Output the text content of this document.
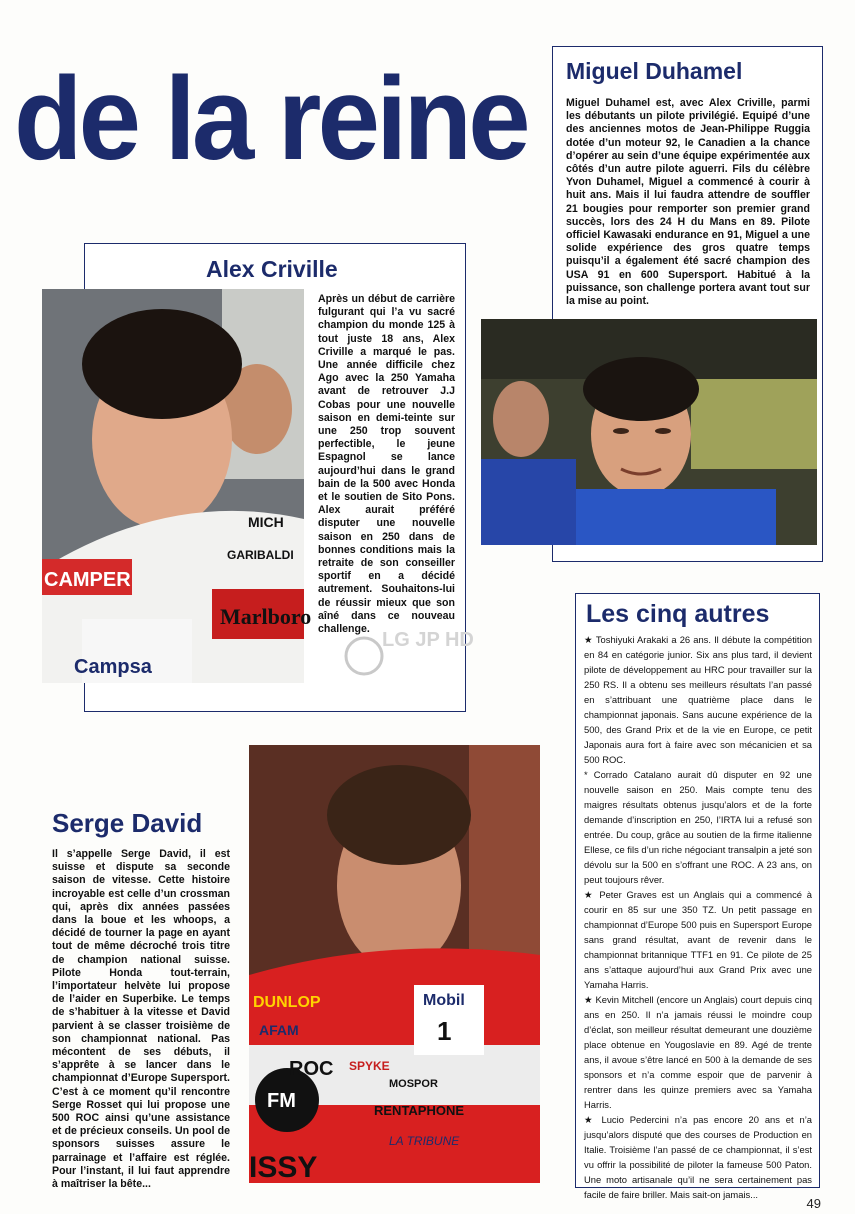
de la reine Miguel Duhamel
Miguel Duhamel est, avec Alex Criville, parmi les débutants un pilote privilégié. Equipé d’une des anciennes motos de Jean-Philippe Ruggia dotée d’un moteur 92, le Canadien a la chance d’opérer au sein d’une équipe expérimentée aux côtés d’un autre pilote aguerri. Fils du célèbre Yvon Duhamel, Miguel a commencé à courir à huit ans. Mais il lui faudra attendre de souffler 21 bougies pour remporter son premier grand succès, lors des 24 H du Mans en 89. Pilote officiel Kawasaki endurance en 91, Miguel a une solide expérience des gros quatre temps puisqu’il a également été sacré champion des USA 91 en 600 Supersport. Habitué à la puissance, son challenge portera avant tout sur la mise au point.
Alex Criville
Après un début de carrière fulgurant qui l’a vu sacré champion du monde 125 à tout juste 18 ans, Alex Criville a marqué le pas. Une année difficile chez Ago avec la 250 Yamaha avant de retrouver J.J Cobas pour une nouvelle saison en demi-teinte sur une 250 trop souvent perfectible, le jeune Espagnol se lance aujourd’hui dans le grand bain de la 500 avec Honda et le soutien de Sito Pons. Alex aurait préféré disputer une nouvelle saison en 250 dans de bonnes conditions mais la retraite de son conseiller sportif en a décidé autrement. Souhaitons-lui de réussir mieux que son aîné dans ce nouveau challenge.
CAMPER
Marlboro
Campsa
MICH
GARIBALDI
LG JP HD
Serge David
Il s’appelle Serge David, il est suisse et dispute sa seconde saison de vitesse. Cette histoire incroyable est celle d’un crossman qui, après dix années passées dans la boue et les whoops, a décidé de tourner la page en ayant tout de même décroché trois titre de champion national suisse. Pilote Honda tout-terrain, l’importateur helvète lui propose de l’aider en Superbike. Le temps de s’habituer à la vitesse et David parvient à se classer troisième de son championnat national. Pas mécontent de ses débuts, il s’apprête à se lancer dans le championnat d’Europe Supersport. C’est à ce moment qu’il rencontre Serge Rosset qui lui propose une 500 ROC ainsi qu’une assistance et de précieux conseils. Un pool de sponsors suisses assure le parrainage et l’affaire est réglée. Pour l’instant, il lui faut apprendre à maîtriser la bête...
DUNLOP
AFAM
ROC SPYKE
Mobil
1
FM
MOSPOR
RENTAPHONE
LA TRIBUNE
ISSY
Les cinq autres

★ Toshiyuki Arakaki a 26 ans. Il débute la compétition en 84 en catégorie junior. Six ans plus tard, il devient pilote de développement au HRC pour travailler sur la 250 RS. Il a obtenu ses meilleurs résultats l’an passé en s’attribuant une quatrième place dans le championnat japonais. Sans aucune expérience de la 500, des Grand Prix et de la vie en Europe, ce petit Japonais aura fort à faire avec son mécanicien et sa 500 ROC.

* Corrado Catalano aurait dû disputer en 92 une nouvelle saison en 250. Mais compte tenu des maigres résultats obtenus jusqu’alors et de la forte demande d’inscription en 250, l’IRTA lui a refusé son entrée. Du coup, grâce au soutien de la firme italienne Ellese, ce fils d’un riche négociant transalpin a jeté son dévolu sur la 500 en s’offrant une ROC. A 23 ans, on peut toujours rêver.

★ Peter Graves est un Anglais qui a commencé à courir en 85 sur une 350 TZ. Un petit passage en championnat d’Europe 500 puis en Supersport Europe sans grand résultat, avant de revenir dans le championnat britannique TTF1 en 91. Ce pilote de 25 ans s’attaque aujourd’hui aux Grand Prix avec une Yamaha Harris.

★ Kevin Mitchell (encore un Anglais) court depuis cinq ans en 250. Il n’a jamais réussi le moindre coup d’éclat, son meilleur résultat demeurant une douzième place obtenue en Yougoslavie en 89. Agé de trente ans, il avoue s’être lancé en 500 à la demande de ses sponsors et n’a comme espoir que de parvenir à rentrer dans les quinze premiers avec sa Yamaha Harris.

★ Lucio Pedercini n’a pas encore 20 ans et n’a jusqu’alors disputé que des courses de Production en Italie. Troisième l’an passé de ce championnat, il s’est vu offrir la possibilité de piloter la fameuse 500 Paton. Une moto artisanale qu’il ne sera certainement pas facile de faire briller. Mais sait-on jamais...

49
